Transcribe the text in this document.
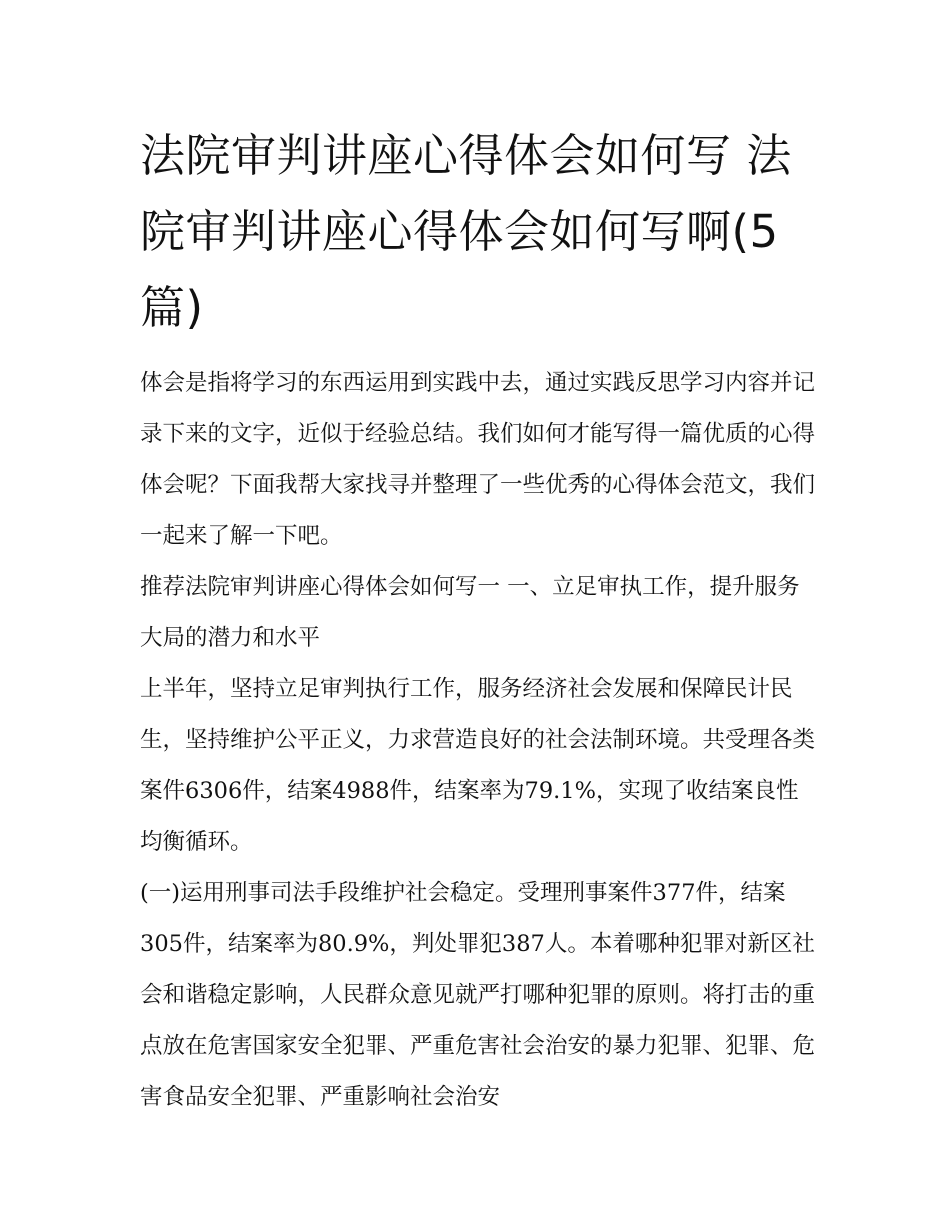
法院审判讲座心得体会如何写 法院审判讲座心得体会如何写啊(5篇)

体会是指将学习的东西运用到实践中去，通过实践反思学习内容并记录下来的文字，近似于经验总结。我们如何才能写得一篇优质的心得体会呢？下面我帮大家找寻并整理了一些优秀的心得体会范文，我们一起来了解一下吧。

推荐法院审判讲座心得体会如何写一 一、立足审执工作，提升服务大局的潜力和水平

上半年，坚持立足审判执行工作，服务经济社会发展和保障民计民生，坚持维护公平正义，力求营造良好的社会法制环境。共受理各类案件6306件，结案4988件，结案率为79.1%，实现了收结案良性均衡循环。

(一)运用刑事司法手段维护社会稳定。受理刑事案件377件，结案305件，结案率为80.9%，判处罪犯387人。本着哪种犯罪对新区社会和谐稳定影响，人民群众意见就严打哪种犯罪的原则。将打击的重点放在危害国家安全犯罪、严重危害社会治安的暴力犯罪、犯罪、危害食品安全犯罪、严重影响社会治安
